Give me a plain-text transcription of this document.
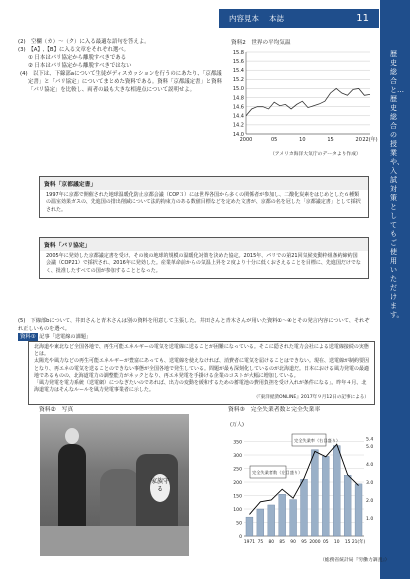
内容見本 本誌	11
歴史総合と…歴史総合の授業や、入試対策としてもご使用いただけます。

(2)　空欄（カ）〜（ク）に入る最適な語句を答えよ。

(3)　【A】,【B】に入る文章をそれぞれ選べ。

① 日本はパリ協定から離脱すべきである

② 日本はパリ協定から離脱すべきではない

(4)　以下は、下線部aについて生徒がディスカッションを行うのにあたり、「京都議定書」と「パリ協定」についてまとめた資料である。資料「京都議定書」と資料「パリ協定」を比較し、両者の最も大きな相違点について説明せよ。

資料2　世界の平均気温
15.8
15.6
15.4
15.2
15.0
14.8
14.6
14.4
14.2
14.0
2000	05	10	15	20 22(年)
（アメリカ海洋大気庁のデータより作成）
資料「京都議定書」
1997年に京都で開催された地球温暖化防止京都会議（COP３）には世界各国から多くの関係者が参加し、二酸化炭素をはじめとした６種類の温室効果ガスの、先進国の排出削減について法的拘束力のある数値目標などを定めた文書が、京都の名を冠した「京都議定書」として採択された。
資料「パリ協定」
2005年に発効した京都議定書を受け、その後の地球的規模の温暖化対策を決めた協定。2015年、パリでの第21回気候変動枠組条約締約国会議（COP21）で採択され、2016年に発効した。産業革命前からの気温上昇を２度より十分に低くおさえることを目標に、先進国だけでなく、批准したすべての国が参加することとなった。

(5)　下線部bについて、井田さんと青木さんは別の資料を用意して主張した。井田さんと青木さんが用いた資料①〜④とその発言内容について、それぞれ正しいものを選べ。

資料① 記事「送電線の課題」

北海道や東北など全国各地で、再生可能エネルギーの電気を送電線に送ることが困難になっている。そこに隠された電力会社による送電線接続の実態とは。

太陽光や風力などの再生可能エネルギーが豊富にあっても、送電線を使えなければ、消費者に電気を届けることはできない。現在、送電線が制約要因となり、再エネの電気を送ることのできない事態が全国各地で発生している。問題が最も深刻化しているのが北海道だ。日本における風力発電の最適地であるものの、北海道電力の調整能力がネックとなり、再エネ発電を手掛ける企業のコストが大幅に増加している。

「風力発電を電力系統（送電網）につなぎたいのであれば、出力の変動を緩和するための蓄電池の費用負担を受け入れが条件になる」。昨年４月、北海道電力はそんなルールを風力発電事業者に示した。

（『東洋経済ONLINE』2017年９月12日の記事による）

資料②　写真
家族守る
資料③　完全失業者数と完全失業率
350
300
250
200
150
100
50
0
5.4
5.0
4.0
3.0
2.0
1.0
1971 75 80 85 90 95 2000 05 10 15 21(年)
(万人)
完全失業率（右目盛り）
完全失業者数（左目盛り）
（総務省統計局『労働力調査』）
